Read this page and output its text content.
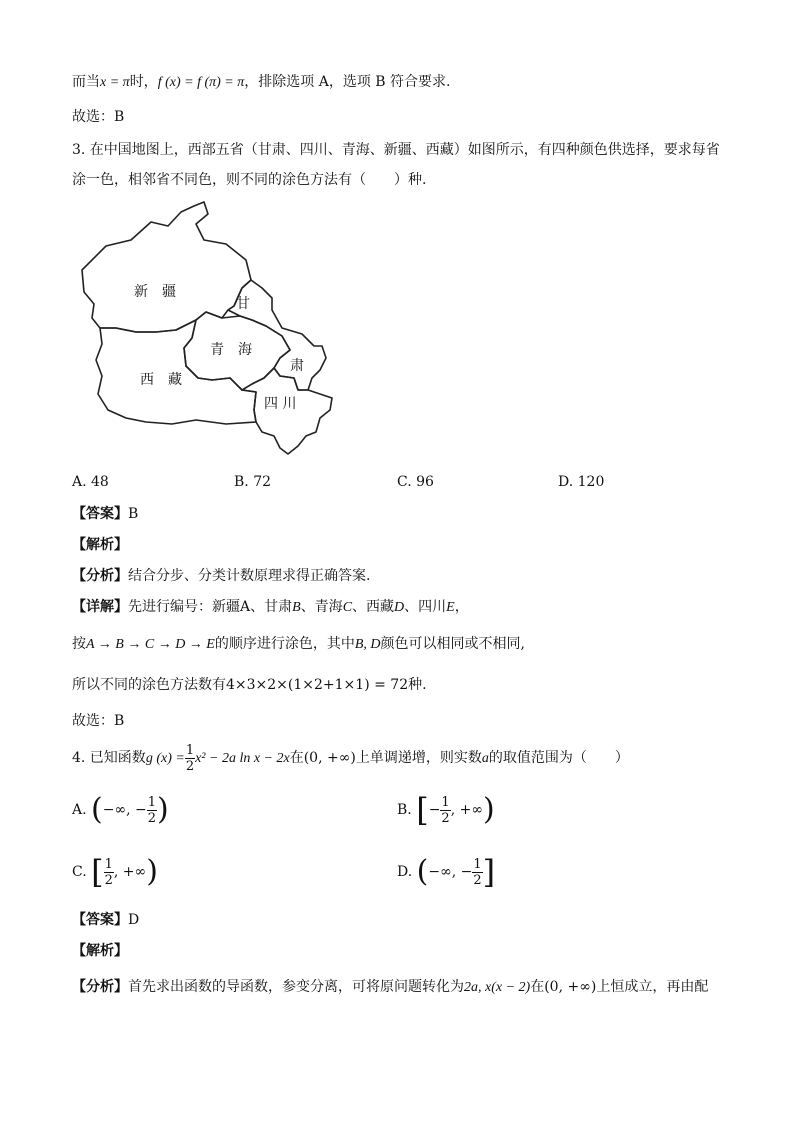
而当x = π时，f (x) = f (π) = π，排除选项 A，选项 B 符合要求.
故选：B
3. 在中国地图上，西部五省（甘肃、四川、青海、新疆、西藏）如图所示，有四种颜色供选择，要求每省
涂一色，相邻省不同色，则不同的涂色方法有（　　）种.
新　疆
甘
肃
青　海
西　藏
四 川
A. 48	B. 72	C. 96	D. 120
【答案】B
【解析】
【分析】结合分步、分类计数原理求得正确答案.
【详解】先进行编号：新疆A、甘肃B、青海C、西藏D、四川E，
按A → B → C → D → E的顺序进行涂色，其中B, D颜色可以相同或不相同,
所以不同的涂色方法数有4×3×2×(1×2+1×1) = 72种.
故选：B
4. 已知函数g $(x) = \frac{1}{2} x^2 - 2a$ ln x − 2x在(0, +∞)上单调递增，则实数a的取值范围为（　　）
A. (−∞, − $\frac{1}{2}$ )	B. [− $\frac{1}{2}$ , +∞)
C. [ $\frac{1}{2}$ , +∞)	D. (−∞, − $\frac{1}{2}$ ]
【答案】D
【解析】
【分析】首先求出函数的导函数，参变分离，可将原问题转化为2a, x(x − 2)在(0, +∞)上恒成立，再由配
